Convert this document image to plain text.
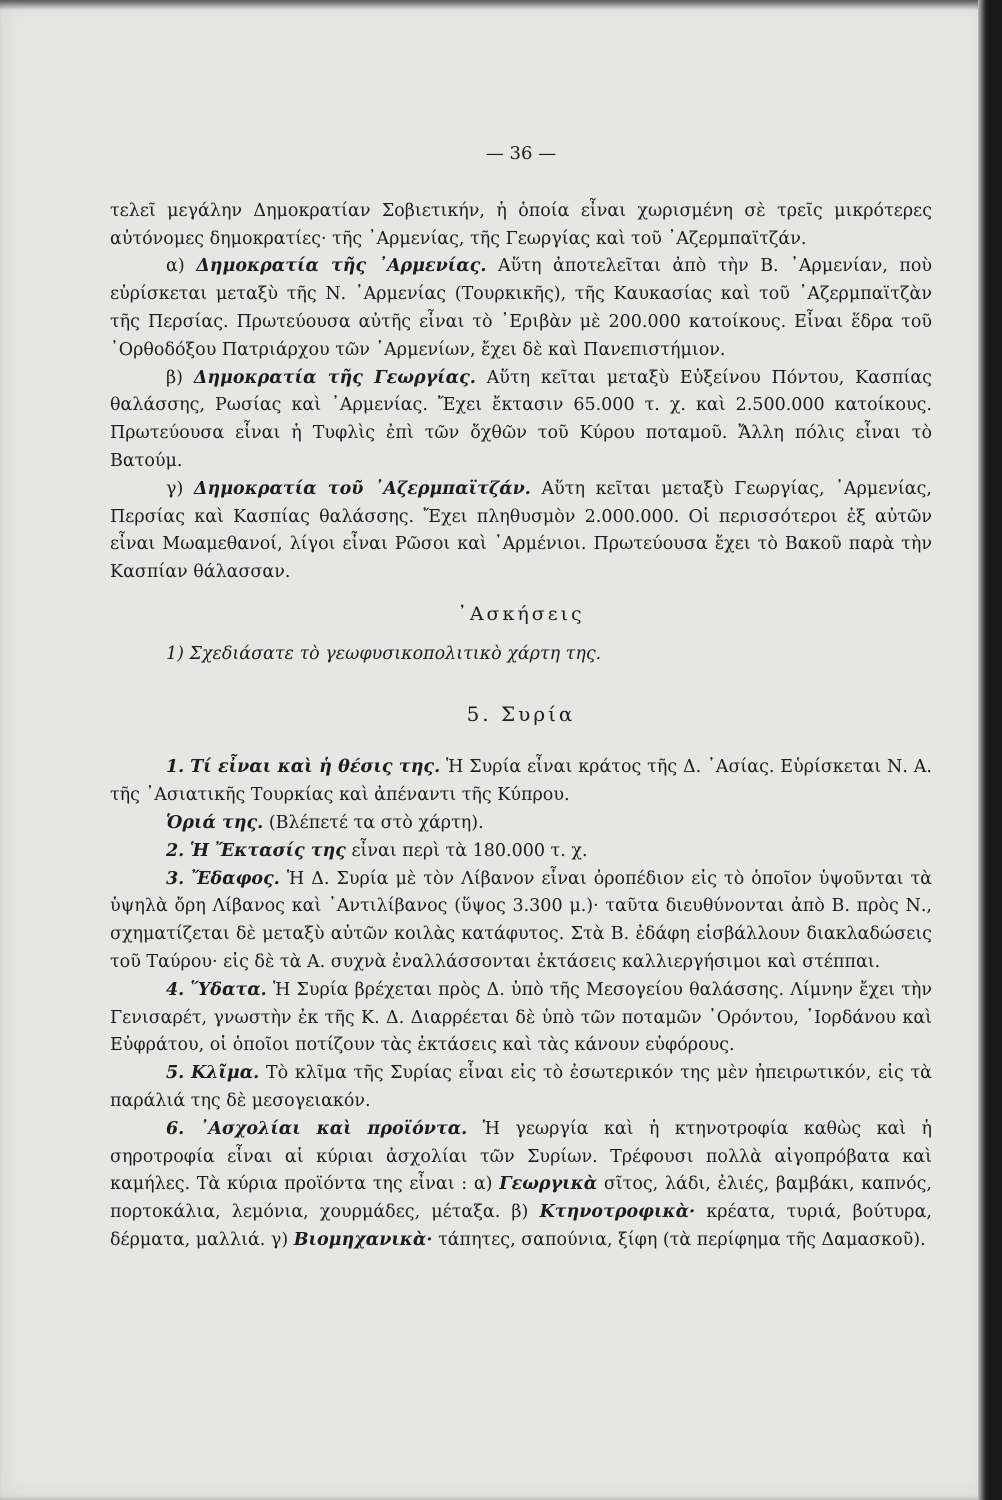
— 36 —

τελεῖ μεγάλην Δημοκρατίαν Σοβιετικήν, ἡ ὁποία εἶναι χωρισμένη σὲ τρεῖς μικρότερες αὐτόνομες δημοκρατίες· τῆς ᾿Αρμενίας, τῆς Γεωργίας καὶ τοῦ ᾿Αζερμπαϊτζάν.

α) Δημοκρατία τῆς ᾿Αρμενίας. Αὕτη ἀποτελεῖται ἀπὸ τὴν Β. ᾿Αρμενίαν, ποὺ εὑρίσκεται μεταξὺ τῆς Ν. ᾿Αρμενίας (Τουρκικῆς), τῆς Καυκασίας καὶ τοῦ ᾿Αζερμπαϊτζὰν τῆς Περσίας. Πρωτεύουσα αὐτῆς εἶναι τὸ ᾿Εριβὰν μὲ 200.000 κατοίκους. Εἶναι ἕδρα τοῦ ᾿Ορθοδόξου Πατριάρχου τῶν ᾿Αρμενίων, ἔχει δὲ καὶ Πανεπιστήμιον.

β) Δημοκρατία τῆς Γεωργίας. Αὕτη κεῖται μεταξὺ Εὐξείνου Πόντου, Κασπίας θαλάσσης, Ρωσίας καὶ ᾿Αρμενίας. Ἔχει ἔκτασιν 65.000 τ. χ. καὶ 2.500.000 κατοίκους. Πρωτεύουσα εἶναι ἡ Τυφλὶς ἐπὶ τῶν ὄχθῶν τοῦ Κύρου ποταμοῦ. Ἄλλη πόλις εἶναι τὸ Βατούμ.

γ) Δημοκρατία τοῦ ᾿Αζερμπαϊτζάν. Αὕτη κεῖται μεταξὺ Γεωργίας, ᾿Αρμενίας, Περσίας καὶ Κασπίας θαλάσσης. Ἔχει πληθυσμὸν 2.000.000. Οἱ περισσότεροι ἐξ αὐτῶν εἶναι Μωαμεθανοί, λίγοι εἶναι Ρῶσοι καὶ ᾿Αρμένιοι. Πρωτεύουσα ἔχει τὸ Βακοῦ παρὰ τὴν Κασπίαν θάλασσαν.

᾿Ασκήσεις

1) Σχεδιάσατε τὸ γεωφυσικοπολιτικὸ χάρτη της.

5. Συρία

1. Τί εἶναι καὶ ἡ θέσις της. Ἡ Συρία εἶναι κράτος τῆς Δ. ᾿Ασίας. Εὑρίσκεται Ν. Α. τῆς ᾿Ασιατικῆς Τουρκίας καὶ ἀπέναντι τῆς Κύπρου.

Ὁριά της. (Βλέπετέ τα στὸ χάρτη).

2. Ἡ Ἔκτασίς της εἶναι περὶ τὰ 180.000 τ. χ.

3. Ἔδαφος. Ἡ Δ. Συρία μὲ τὸν Λίβανον εἶναι ὀροπέδιον εἰς τὸ ὁποῖον ὑψοῦνται τὰ ὑψηλὰ ὄρη Λίβανος καὶ ᾿Αντιλίβανος (ὕψος 3.300 μ.)· ταῦτα διευθύνονται ἀπὸ Β. πρὸς Ν., σχηματίζεται δὲ μεταξὺ αὐτῶν κοιλὰς κατάφυτος. Στὰ Β. ἐδάφη εἰσβάλλουν διακλαδώσεις τοῦ Ταύρου· εἰς δὲ τὰ Α. συχνὰ ἐναλλάσσονται ἐκτάσεις καλλιεργήσιμοι καὶ στέππαι.

4. Ὕδατα. Ἡ Συρία βρέχεται πρὸς Δ. ὑπὸ τῆς Μεσογείου θαλάσσης. Λίμνην ἔχει τὴν Γενισαρέτ, γνωστὴν ἐκ τῆς Κ. Δ. Διαρρέεται δὲ ὑπὸ τῶν ποταμῶν ᾿Ορόντου, ᾿Ιορδάνου καὶ Εὐφράτου, οἱ ὁποῖοι ποτίζουν τὰς ἐκτάσεις καὶ τὰς κάνουν εὐφόρους.

5. Κλῖμα. Τὸ κλῖμα τῆς Συρίας εἶναι εἰς τὸ ἐσωτερικόν της μὲν ἠπειρωτικόν, εἰς τὰ παράλιά της δὲ μεσογειακόν.

6. ᾿Ασχολίαι καὶ προϊόντα. Ἡ γεωργία καὶ ἡ κτηνοτροφία καθὼς καὶ ἡ σηροτροφία εἶναι αἱ κύριαι ἀσχολίαι τῶν Συρίων. Τρέφουσι πολλὰ αἰγοπρόβατα καὶ καμήλες. Τὰ κύρια προϊόντα της εἶναι : α) Γεωργικὰ σῖτος, λάδι, ἐλιές, βαμβάκι, καπνός, πορτοκάλια, λεμόνια, χουρμάδες, μέταξα. β) Κτηνοτροφικὰ· κρέατα, τυριά, βούτυρα, δέρματα, μαλλιά. γ) Βιομηχανικὰ· τάπητες, σαπούνια, ξίφη (τὰ περίφημα τῆς Δαμασκοῦ).
